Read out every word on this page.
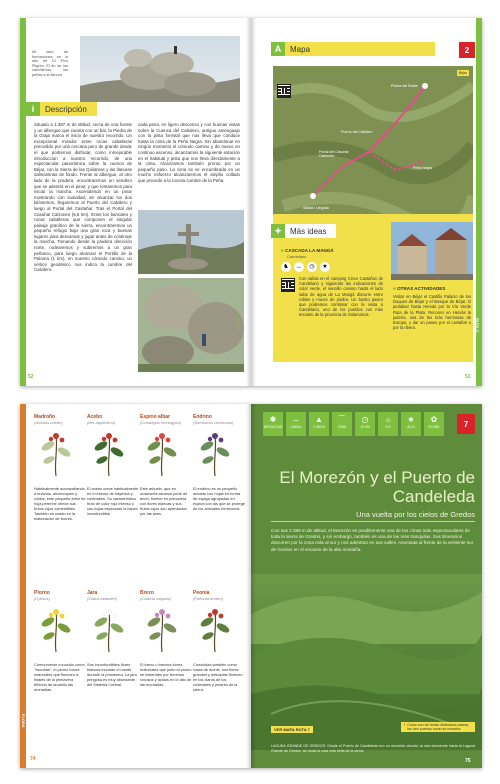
Mi lado de formaciones en lo alto de El Pico Pilgrim, El fin de las cancillerías, las peñas a la llanura
i	Descripción
Situado a 1.387 m de altitud, cerca de una fuente y un albergue que cuenta con un bar, la Piedra de la Graja marca el inicio de nuestro recorrido. Un excepcional mirador entre rocas caballeras precedido por una cercana pero de grande desde el que podremos disfrutar, como inmejorable introducción a nuestro recorrido, de una espectacular panorámica sobre la cuenca de Béjar, con la Sierra de las Quilamas y las llanuras salmantinas de fondo. Frente al albergue, al otro lado de la pradera, encontraremos un sendero que se adentra en el pinar, y que tomaremos para iniciar la marcha. Ascendiendo en un pinar mostrando con suavidad, sin alcanzar los dos kilómetros, llegaremos al Puerto del Calvitero y luego al Portal del Castañar. Tras el Portal del Casuhal Calzones (6,5 km). Entre los bancales y rocas caballeras que componen el singular paisaje granítico de la sierra, encontraremos un pequeño refugio bajo una gran roca y buenas lugares para descansar y jugar antes de continuar la marcha. Tomando desde la pradera dirección norte, rodearemos y subiremos a un gran peñasco, para luego alcanzar el Portillo de la Paloma (1 km), en nuestro cómodo camino, un vértice geodésico nos indica la cumbre del Calvitero.
cada pena, en ligero descenso y con buenas vistas sobre la Cuenca del Cabalero, antiguo amenguajo con la pista forestal que nos lleva que conduce hasta la cima de la Peña Negra. Sin abandonar en ningún momento el cómodo camino y de nuevo en continuo ascenso, alcanzamos la siguiente estación en el habitual y pista que nos lleva directamente a la cima. Alcanzamos también pronto por un pequeño paso. La cima se ve encumbrada en un mucho esfuerzo alcanzaremos el amplio collado que precede a la rocosa cumbre de la Peña.
52
RUTA 2
A	Mapa	2
Piedra del Roble
Puerto del Calvitero
Portal del Casuhal Calzones
Salida / Llegada
Peña Negra
Béjar
✦	Más ideas
■ CASCADA LA MANGÁ
Candelario
♞	↔	◷	★
Con salida en el camping Cinco Castaños de Candelario y siguiendo las indicaciones de color verde, el sencillo camino hasta el lado sabe de agua de La Mangá discurre entre robles y mucre de piedra. Un bonito paseo que podremos combinar con la visita a Candelario, uno de los pueblos con más encanto de la provincia de Salamanca.
■ OTRAS ACTIVIDADES
Visitar en Béjar el Castillo Palacio de los Duques de Béjar y el Bosque de Béjar. O pedalear hasta Hervás por la Vía Verde Ruta de la Plata. Recorrer en Hervás la judería, una de las más hermosas de Europa, y dar un paseo por el castañar o por la ribera.
53
RUTA 2
Madroño
(Arbutus unedo)
Habitualmente acompañando a encinas, alcornoques y robles, este pequeño árbol de hoja perenne ofrece sus frutos rojos comestibles. También es usado en la elaboración de licores.
Acebo
(Ilex aquifolium)
El acebo crece habitualmente en el interior de hayedos y robledales. Su característico fruto de color rojo intenso y sus hojas espinosas lo hacen inconfundible.
Espino albar
(Crataegus monogyna)
Este arbusto, que en ocasiones alcanza porte de árbol, florece en primavera con flores blancas y sus frutos rojos son apreciados por las aves.
Endrino
(Sambucus racemosa)
El endrino es un pequeño arbusto con hojas en forma de espiga agrupadas en espiral con las que se protege de los animales herbívoros.
Piorno
(Cytisus)
Comúnmente conocido como "escobas", el piorno forma matorrales que florecen a finales de la primavera tiñendo de amarillo las montañas.
Jara
(Cistus ladanifer)
Sus inconfundibles flores blancas inundan el monte durante la primavera. La jara pringosa es muy abundante del Sistema Central.
Brezo
(Calluna vulgaris)
El brezo o brecina forma matorrales que junto al piorno se extienden por terrenos rocosos y ácidos en lo alto de las montañas.
Peonía
(Paeonia broteri)
Conocidas también como rosas de monte, sus flores grandes y delicadas florecen en los claros de los robledales y pinares de la sierra.
74
FLORA
✱
DIFICULTAD
↔
LINEAL
▲
2.389 M
⌒
CIMA
◷
10 KM
☼
6 H
★
ALTA
✿
FLORA	7
El Morezón y el Puerto de Candeleda
Una vuelta por los cielos de Gredos
Con sus 2.389 m de altitud, el Morezón es posiblemente una de las cimas más espectaculares de toda la sierra de Gredos, y sin embargo, también es una de las más tranquilas. Sus itinerarios discurren por la zona más al sur y nos adentran en sus valles. Asomada al frente de la vertiente sur de Gredos en el encanto de la alta montaña.
VER MAPA RUTA 7
! Cómo son de bonito disfrutaría pasear, los tres puertos como se muestra.
LAGUNA GRANDE DE GREDOS. Desde el Puerto de Candeleda con un recorrido circular, la ruta desciende hasta la Laguna Grande de Gredos, sin duda la cara más bella de la sierra.
75
